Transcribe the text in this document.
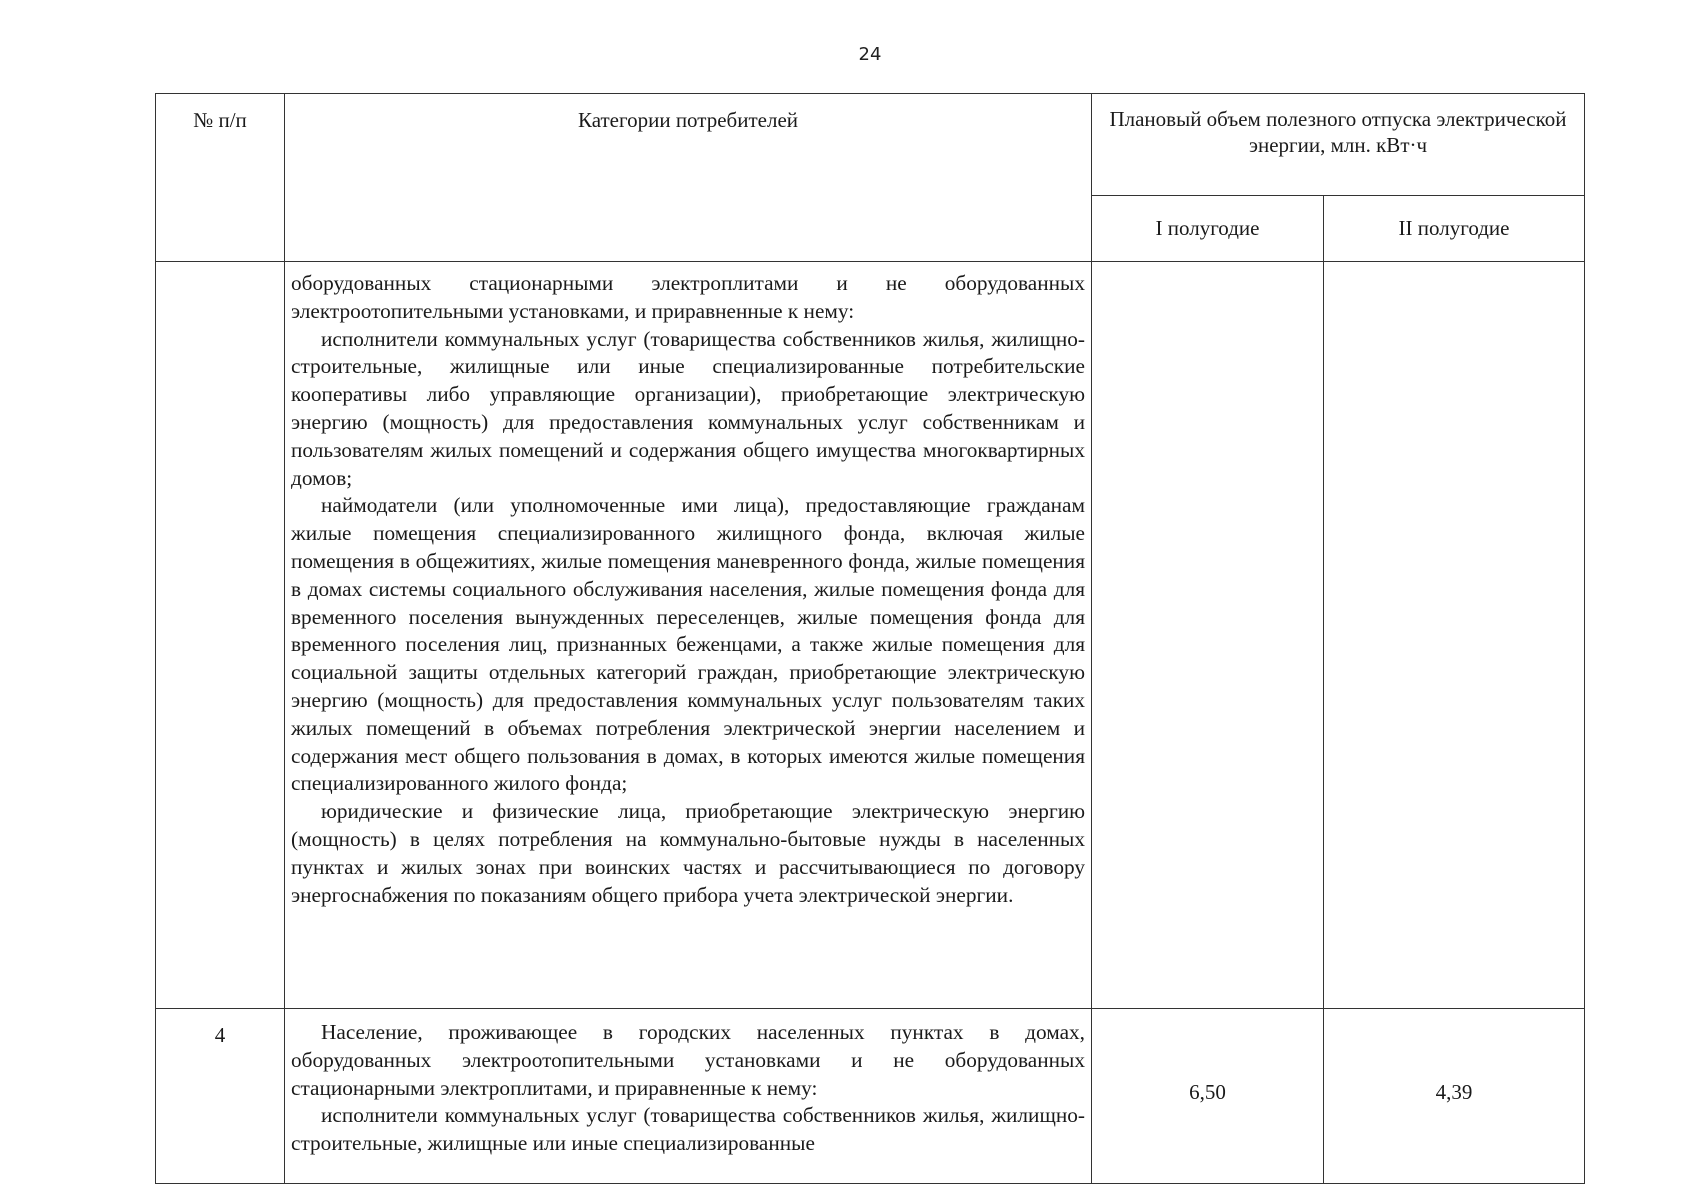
24
№ п/п	Категории потребителей	Плановый объем полезного отпуска электрической энергии, млн. кВт·ч	
		I полугодие	II полугодие

	оборудованных стационарными электроплитами и не оборудованных электроотопительными установками, и приравненные к нему:

исполнители коммунальных услуг (товарищества собственников жилья, жилищно-строительные, жилищные или иные специализированные потребительские кооперативы либо управляющие организации), приобретающие электрическую энергию (мощность) для предоставления коммунальных услуг собственникам и пользователям жилых помещений и содержания общего имущества многоквартирных домов;

наймодатели (или уполномоченные ими лица), предоставляющие гражданам жилые помещения специализированного жилищного фонда, включая жилые помещения в общежитиях, жилые помещения маневренного фонда, жилые помещения в домах системы социального обслуживания населения, жилые помещения фонда для временного поселения вынужденных переселенцев, жилые помещения фонда для временного поселения лиц, признанных беженцами, а также жилые помещения для социальной защиты отдельных категорий граждан, приобретающие электрическую энергию (мощность) для предоставления коммунальных услуг пользователям таких жилых помещений в объемах потребления электрической энергии населением и содержания мест общего пользования в домах, в которых имеются жилые помещения специализированного жилого фонда;

юридические и физические лица, приобретающие электрическую энергию (мощность) в целях потребления на коммунально-бытовые нужды в населенных пунктах и жилых зонах при воинских частях и рассчитывающиеся по договору энергоснабжения по показаниям общего прибора учета электрической энергии.		

4	Население, проживающее в городских населенных пунктах в домах, оборудованных электроотопительными установками и не оборудованных стационарными электроплитами, и приравненные к нему:

исполнители коммунальных услуг (товарищества собственников жилья, жилищно-строительные, жилищные или иные специализированные	6,50	4,39
